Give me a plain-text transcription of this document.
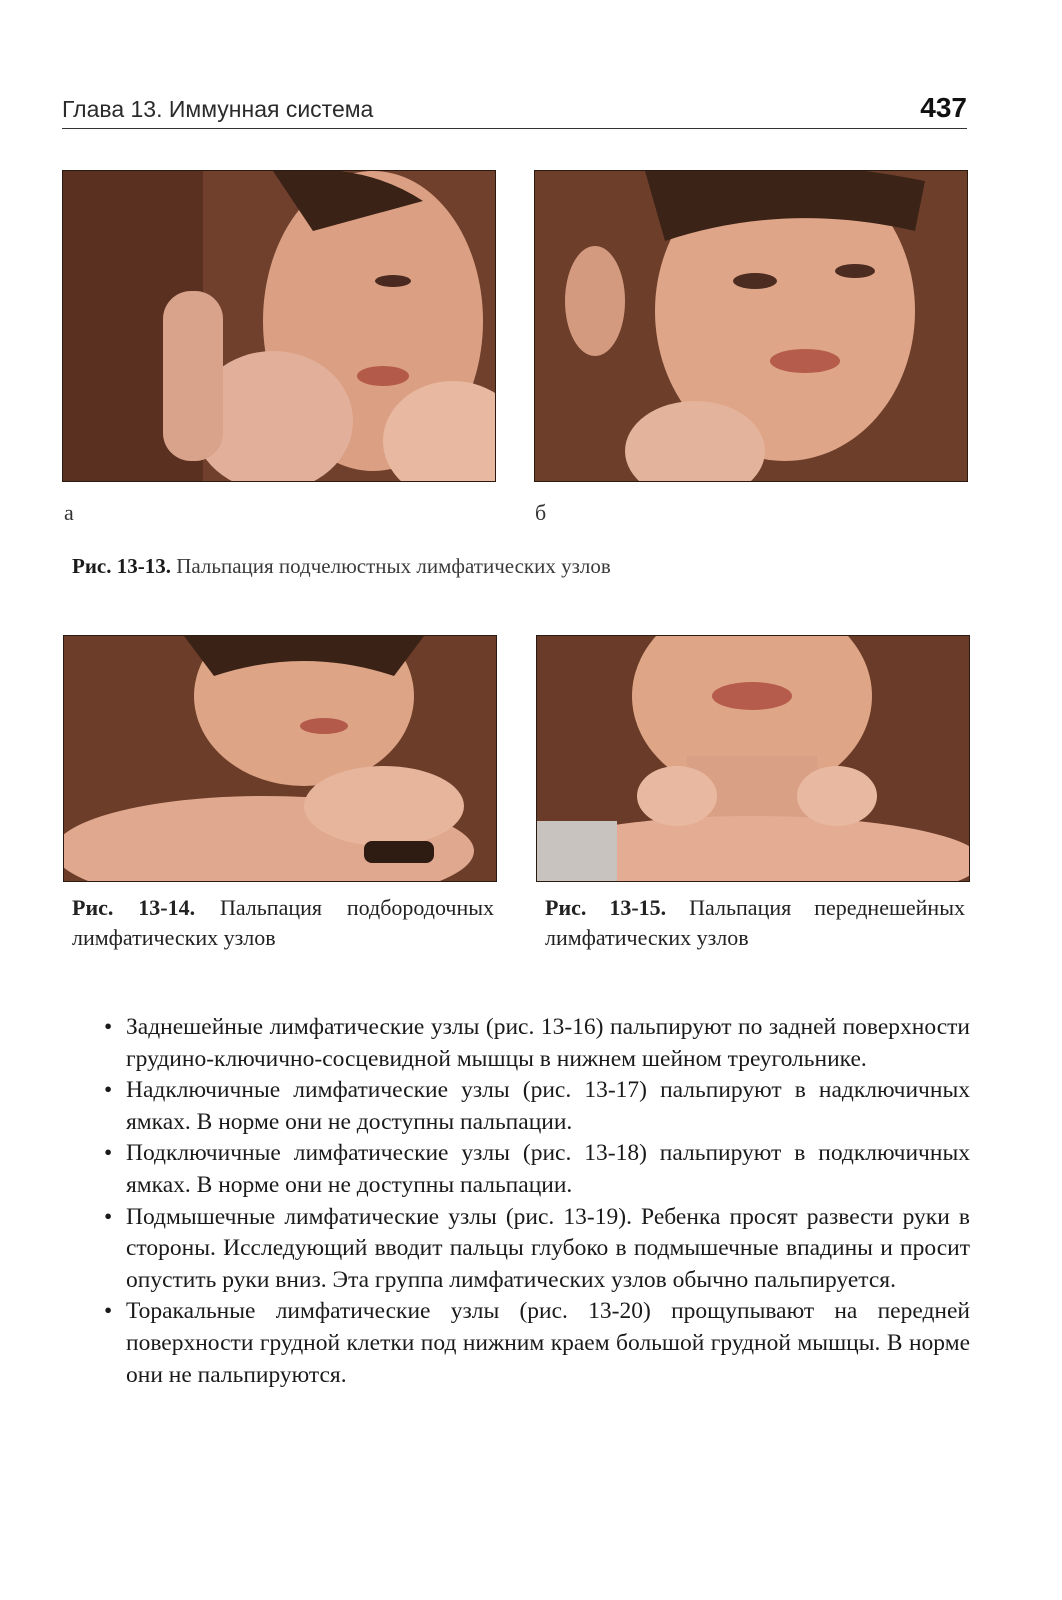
Глава 13. Иммунная система	437
а	б
Рис. 13-13. Пальпация подчелюстных лимфатических узлов
Рис. 13-14. Пальпация подбородочных лимфатических узлов
Рис. 13-15. Пальпация переднешейных лимфатических узлов
• Заднешейные лимфатические узлы (рис. 13-16) пальпируют по задней поверхности грудино-ключично-сосцевидной мышцы в нижнем шейном треугольнике.
• Надключичные лимфатические узлы (рис. 13-17) пальпируют в надключичных ямках. В норме они не доступны пальпации.
• Подключичные лимфатические узлы (рис. 13-18) пальпируют в подключичных ямках. В норме они не доступны пальпации.
• Подмышечные лимфатические узлы (рис. 13-19). Ребенка просят развести руки в стороны. Исследующий вводит пальцы глубоко в подмышечные впадины и просит опустить руки вниз. Эта группа лимфатических узлов обычно пальпируется.
• Торакальные лимфатические узлы (рис. 13-20) прощупывают на передней поверхности грудной клетки под нижним краем большой грудной мышцы. В норме они не пальпируются.
